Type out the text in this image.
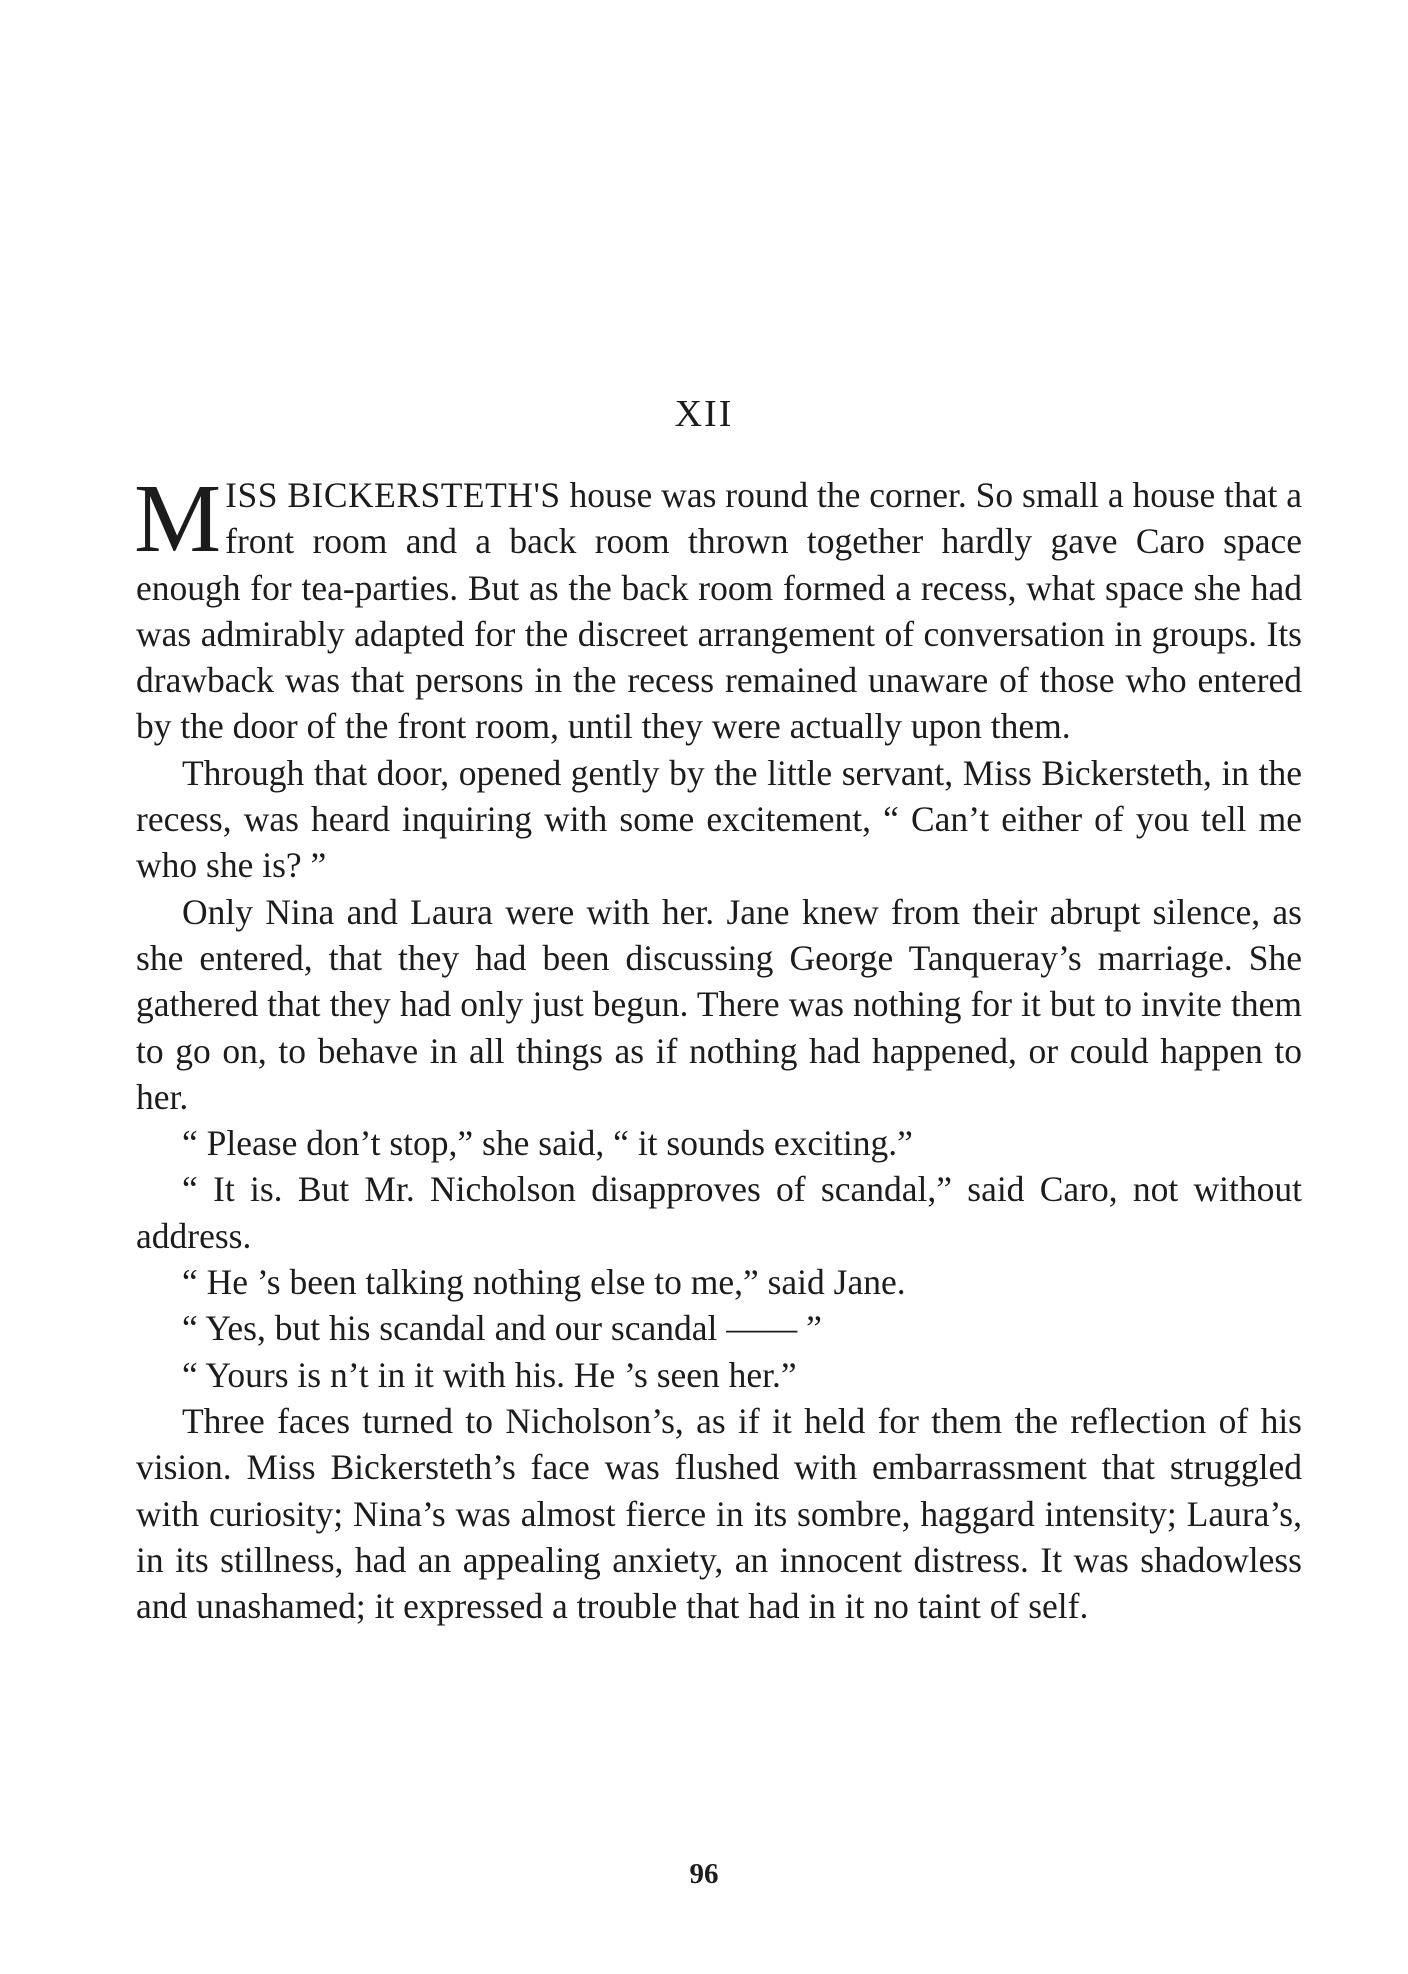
XII

MISS BICKERSTETH'S house was round the corner. So small a house that a front room and a back room thrown together hardly gave Caro space enough for tea-parties. But as the back room formed a recess, what space she had was admirably adapted for the discreet arrangement of conversation in groups. Its drawback was that persons in the recess remained unaware of those who entered by the door of the front room, until they were actually upon them.

Through that door, opened gently by the little servant, Miss Bickersteth, in the recess, was heard inquiring with some excitement, “ Can’t either of you tell me who she is? ”

Only Nina and Laura were with her. Jane knew from their abrupt silence, as she entered, that they had been discussing George Tanqueray’s marriage. She gathered that they had only just begun. There was nothing for it but to invite them to go on, to behave in all things as if nothing had happened, or could happen to her.

“ Please don’t stop,” she said, “ it sounds exciting.”

“ It is. But Mr. Nicholson disapproves of scandal,” said Caro, not without address.

“ He ’s been talking nothing else to me,” said Jane.

“ Yes, but his scandal and our scandal —— ”

“ Yours is n’t in it with his. He ’s seen her.”

Three faces turned to Nicholson’s, as if it held for them the reflection of his vision. Miss Bickersteth’s face was flushed with embarrassment that struggled with curiosity; Nina’s was almost fierce in its sombre, haggard intensity; Laura’s, in its stillness, had an appealing anxiety, an innocent distress. It was shadowless and unashamed; it expressed a trouble that had in it no taint of self.

96
